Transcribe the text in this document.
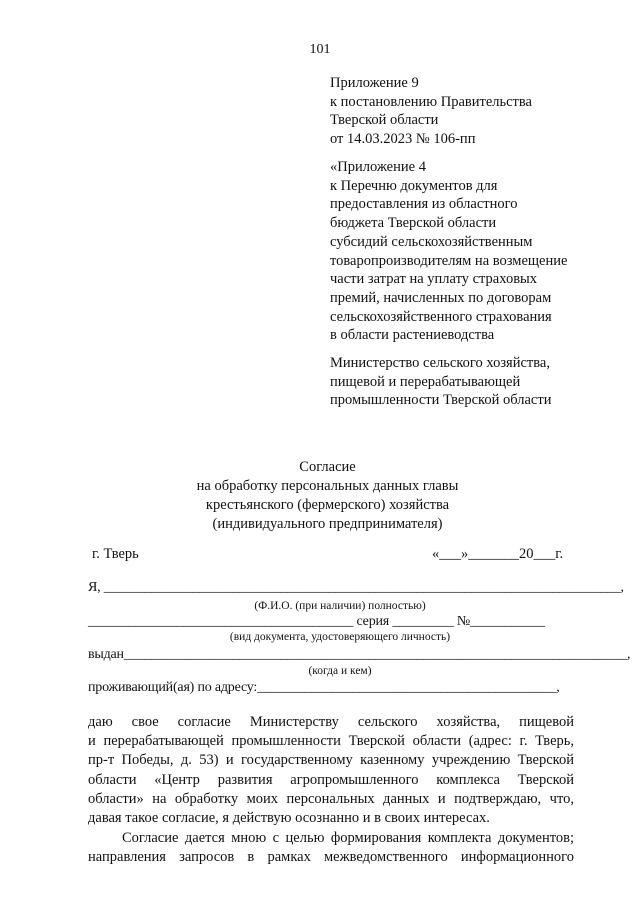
101
Приложение 9
к постановлению Правительства
Тверской области
от 14.03.2023 № 106-пп
«Приложение 4
к Перечню документов для
предоставления из областного
бюджета Тверской области
субсидий сельскохозяйственным
товаропроизводителям на возмещение
части затрат на уплату страховых
премий, начисленных по договорам
сельскохозяйственного страхования
в области растениеводства
Министерство сельского хозяйства,
пищевой и перерабатывающей
промышленности Тверской области
Согласие
на обработку персональных данных главы
крестьянского (фермерского) хозяйства
(индивидуального предпринимателя)
г. Тверь	«___»_______20___г.
Я, ____________________________________________________________________________,
(Ф.И.О. (при наличии) полностью)
_______________________________________ серия _________ №___________
(вид документа, удостоверяющего личность)
выдан__________________________________________________________________________,
(когда и кем)
проживающий(ая) по адресу:____________________________________________,
даю свое согласие Министерству сельского хозяйства, пищевой
и перерабатывающей промышленности Тверской области (адрес: г. Тверь,
пр-т Победы, д. 53) и государственному казенному учреждению Тверской
области «Центр развития агропромышленного комплекса Тверской
области» на обработку моих персональных данных и подтверждаю, что,
давая такое согласие, я действую осознанно и в своих интересах.
Согласие дается мною с целью формирования комплекта документов;
направления запросов в рамках межведомственного информационного
